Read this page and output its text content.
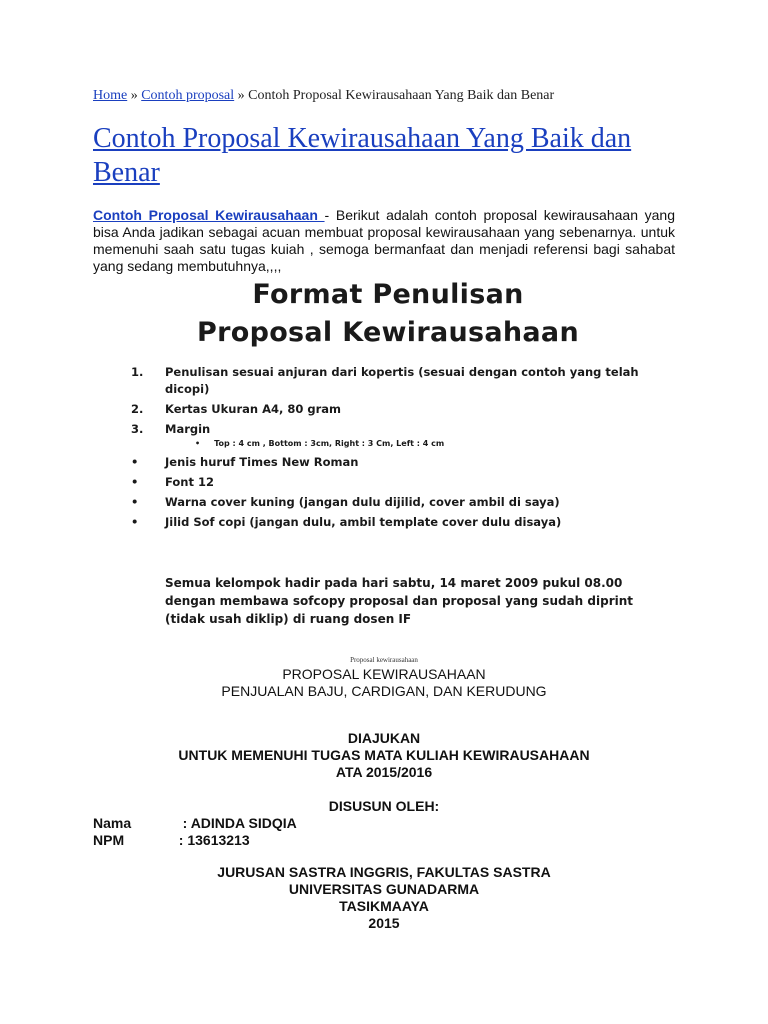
Home » Contoh proposal » Contoh Proposal Kewirausahaan Yang Baik dan Benar
Contoh Proposal Kewirausahaan Yang Baik dan Benar

Contoh Proposal Kewirausahaan - Berikut adalah contoh proposal kewirausahaan yang bisa Anda jadikan sebagai acuan membuat proposal kewirausahaan yang sebenarnya. untuk memenuhi saah satu tugas kuiah , semoga bermanfaat dan menjadi referensi bagi sahabat yang sedang membutuhnya,,,,

Format Penulisan
Proposal Kewirausahaan
1.	Penulisan sesuai anjuran dari kopertis (sesuai dengan contoh yang telah dicopi)
2.	Kertas Ukuran A4, 80 gram
3.	Margin
• Top : 4 cm , Bottom : 3cm, Right : 3 Cm, Left : 4 cm
•	Jenis huruf Times New Roman
•	Font 12
•	Warna cover kuning (jangan dulu dijilid, cover ambil di saya)
•	Jilid Sof copi (jangan dulu, ambil template cover dulu disaya)
Semua kelompok hadir pada hari sabtu, 14 maret 2009 pukul 08.00 dengan membawa sofcopy proposal dan proposal yang sudah diprint (tidak usah diklip) di ruang dosen IF
Proposal kewirausahaan
PROPOSAL KEWIRAUSAHAAN
PENJUALAN BAJU, CARDIGAN, DAN KERUDUNG
DIAJUKAN
UNTUK MEMENUHI TUGAS MATA KULIAH KEWIRAUSAHAAN
ATA 2015/2016
DISUSUN OLEH:
Nama	: ADINDA SIDQIA
NPM	: 13613213
JURUSAN SASTRA INGGRIS, FAKULTAS SASTRA
UNIVERSITAS GUNADARMA
TASIKMAAYA
2015
